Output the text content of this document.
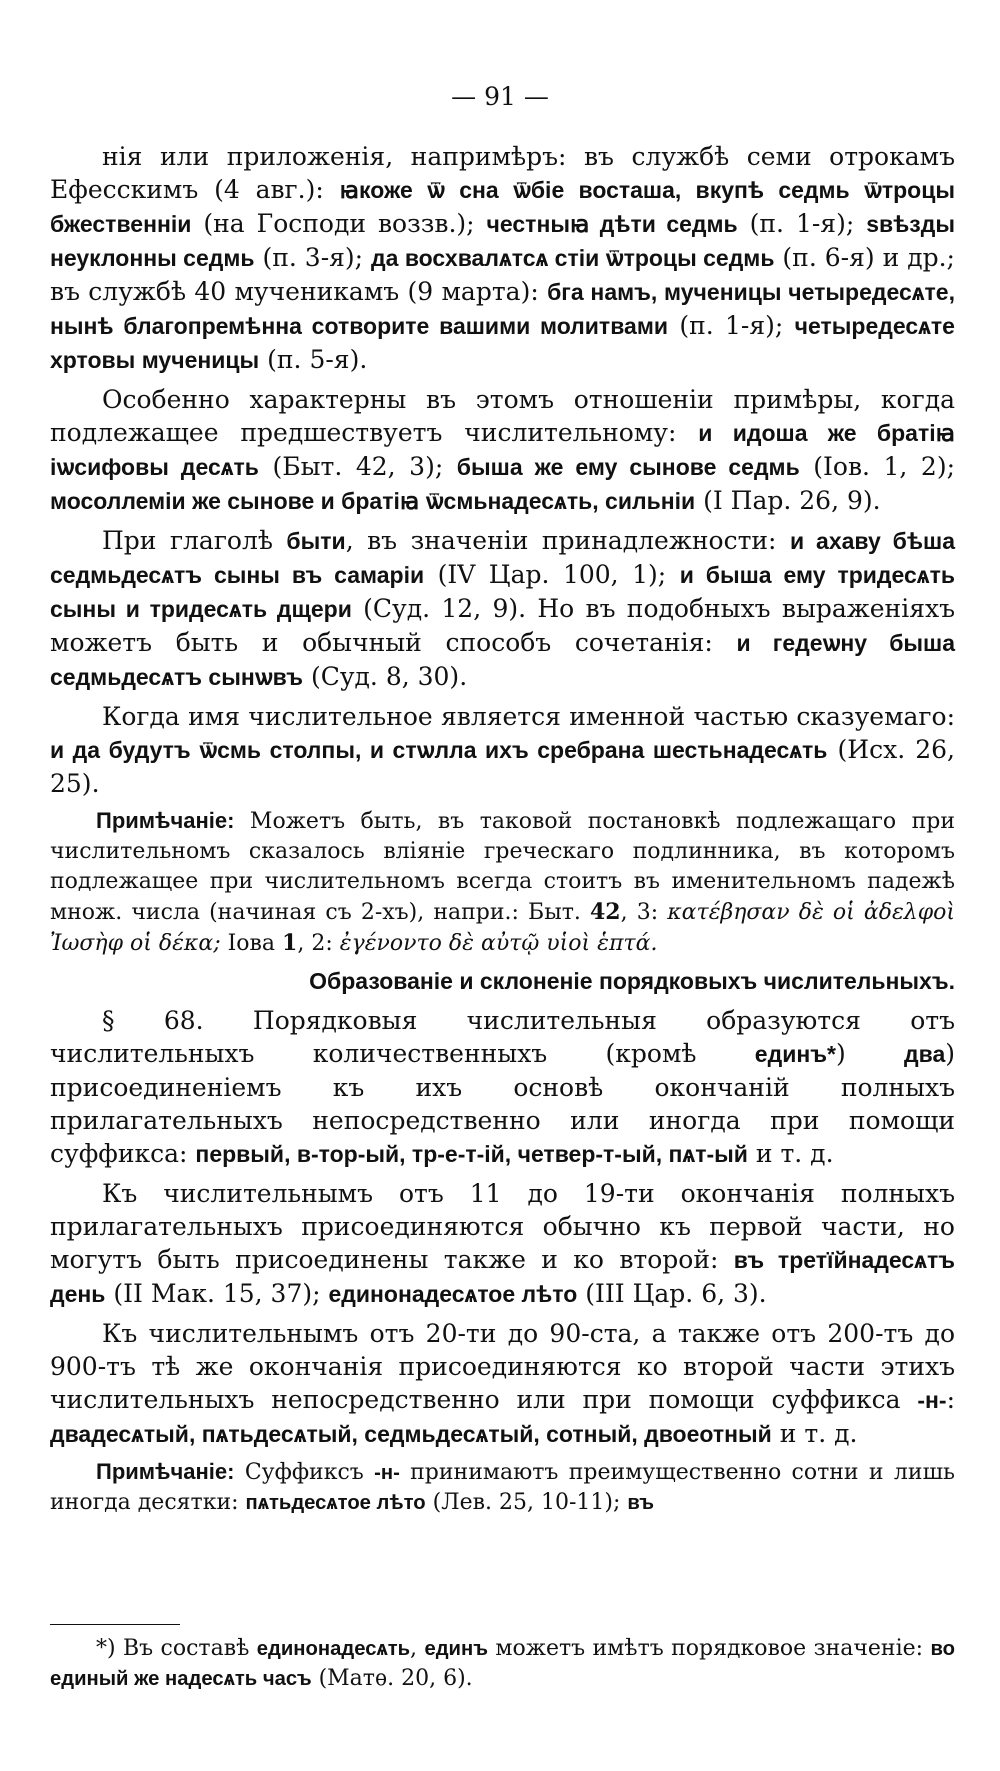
— 91 —

нія или приложенія, напримѣръ: въ службѣ семи отрокамъ Ефесскимъ (4 авг.): ꙗкоже ѿ сна ѿбіе восташа, вкупѣ седмь ѿтроцы бжественніи (на Господи воззв.); честныꙗ дѣти седмь (п. 1-я); ѕвѣзды неуклонны седмь (п. 3-я); да восхвалѧтсѧ стіи ѿтроцы седмь (п. 6-я) и др.; въ службѣ 40 мученикамъ (9 марта): бга намъ, мученицы четыредесѧте, нынѣ благопремѣнна сотворите вашими молитвами (п. 1-я); четыредесѧте хртовы мученицы (п. 5-я).

Особенно характерны въ этомъ отношеніи примѣры, когда подлежащее предшествуетъ числительному: и идоша же братіꙗ іѡсифовы десѧть (Быт. 42, 3); быша же ему сынове седмь (Іов. 1, 2); мосоллеміи же сынове и братіꙗ ѿсмьнадесѧть, сильніи (І Пар. 26, 9).

При глаголѣ быти, въ значеніи принадлежности: и ахаву бѣша седмьдесѧтъ сыны въ самаріи (IV Цар. 100, 1); и быша ему тридесѧть сыны и тридесѧть дщери (Суд. 12, 9). Но въ подобныхъ выраженіяхъ можетъ быть и обычный способъ сочетанія: и гедеѡну быша седмьдесѧтъ сынѡвъ (Суд. 8, 30).

Когда имя числительное является именной частью сказуемаго: и да будутъ ѿсмь столпы, и стѡлла ихъ сребрана шестьнадесѧть (Исх. 26, 25).

Примѣчаніе: Можетъ быть, въ таковой постановкѣ подлежащаго при числительномъ сказалось вліяніе греческаго подлинника, въ которомъ подлежащее при числительномъ всегда стоитъ въ именительномъ падежѣ множ. числа (начиная съ 2-хъ), напри.: Быт. 42, 3: κατέβησαν δὲ οἱ ἀδελφοὶ Ἰωσὴφ οἱ δέκα; Іова 1, 2: ἐγένοντο δὲ αὐτῷ υἱοὶ ἑπτά.

Образованіе и склоненіе порядковыхъ числительныхъ.

§ 68. Порядковыя числительныя образуются отъ числительныхъ количественныхъ (кромѣ единъ*) два) присоединеніемъ къ ихъ основѣ окончаній полныхъ прилагательныхъ непосредственно или иногда при помощи суффикса: первый, в-тор-ый, тр-е-т-ій, четвер-т-ый, пѧт-ый и т. д.

Къ числительнымъ отъ 11 до 19-ти окончанія полныхъ прилагательныхъ присоединяются обычно къ первой части, но могутъ быть присоединены также и ко второй: въ третїйнадесѧтъ день (II Мак. 15, 37); единонадесѧтое лѣто (III Цар. 6, 3).

Къ числительнымъ отъ 20-ти до 90-ста, а также отъ 200-тъ до 900-тъ тѣ же окончанія присоединяются ко второй части этихъ числительныхъ непосредственно или при помощи суффикса -н-: двадесѧтый, пѧтьдесѧтый, седмьдесѧтый, сотный, двоеотный и т. д.

Примѣчаніе: Суффиксъ -н- принимаютъ преимущественно сотни и лишь иногда десятки: пѧтьдесѧтое лѣто (Лев. 25, 10-11); въ

*) Въ составѣ единонадесѧть, единъ можетъ имѣтъ порядковое значеніе: во единый же надесѧть часъ (Матѳ. 20, 6).
